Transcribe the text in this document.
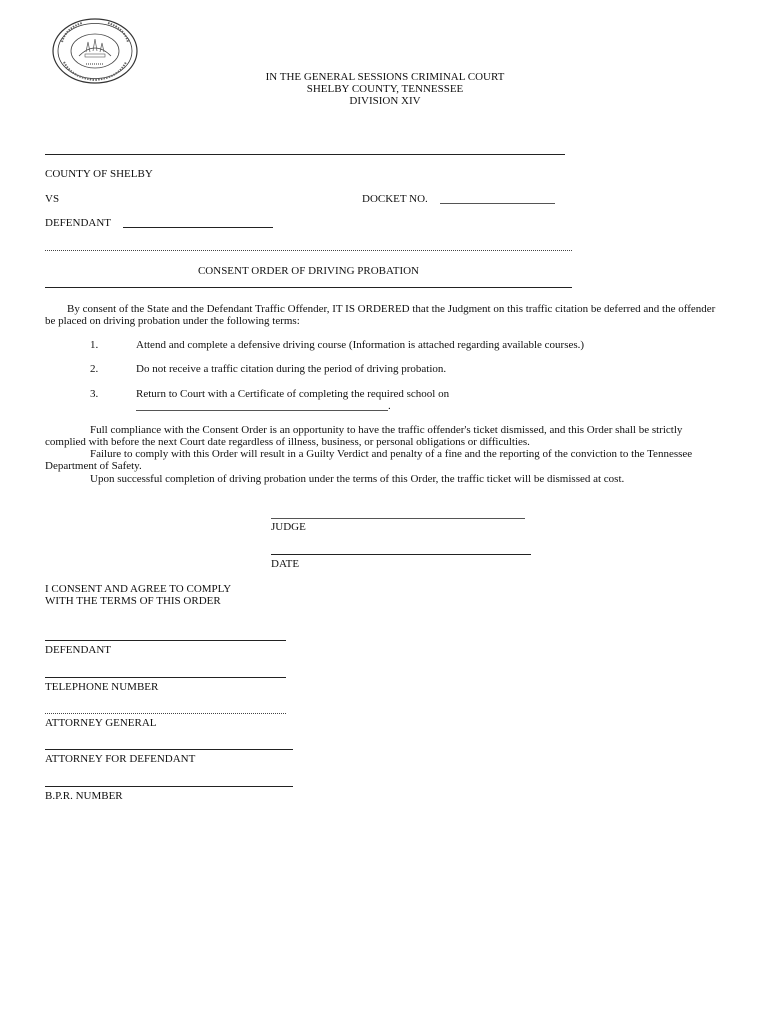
IN THE GENERAL SESSIONS CRIMINAL COURT
SHELBY COUNTY, TENNESSEE
DIVISION XIV
COUNTY OF SHELBY
VS	DOCKET NO.
DEFENDANT
CONSENT ORDER OF DRIVING PROBATION
By consent of the State and the Defendant Traffic Offender, IT IS ORDERED that the Judgment on this traffic citation be deferred and the offender be placed on driving probation under the following terms:
1.	Attend and complete a defensive driving course (Information is attached regarding available courses.)
2.	Do not receive a traffic citation during the period of driving probation.
3.	Return to Court with a Certificate of completing the required school on
.
Full compliance with the Consent Order is an opportunity to have the traffic offender's ticket dismissed, and this Order shall be strictly complied with before the next Court date regardless of illness, business, or personal obligations or difficulties.
Failure to comply with this Order will result in a Guilty Verdict and penalty of a fine and the reporting of the conviction to the Tennessee Department of Safety.
Upon successful completion of driving probation under the terms of this Order, the traffic ticket will be dismissed at cost.
JUDGE
DATE
I CONSENT AND AGREE TO COMPLY
WITH THE TERMS OF THIS ORDER
DEFENDANT
TELEPHONE NUMBER
ATTORNEY GENERAL
ATTORNEY FOR DEFENDANT
B.P.R. NUMBER
